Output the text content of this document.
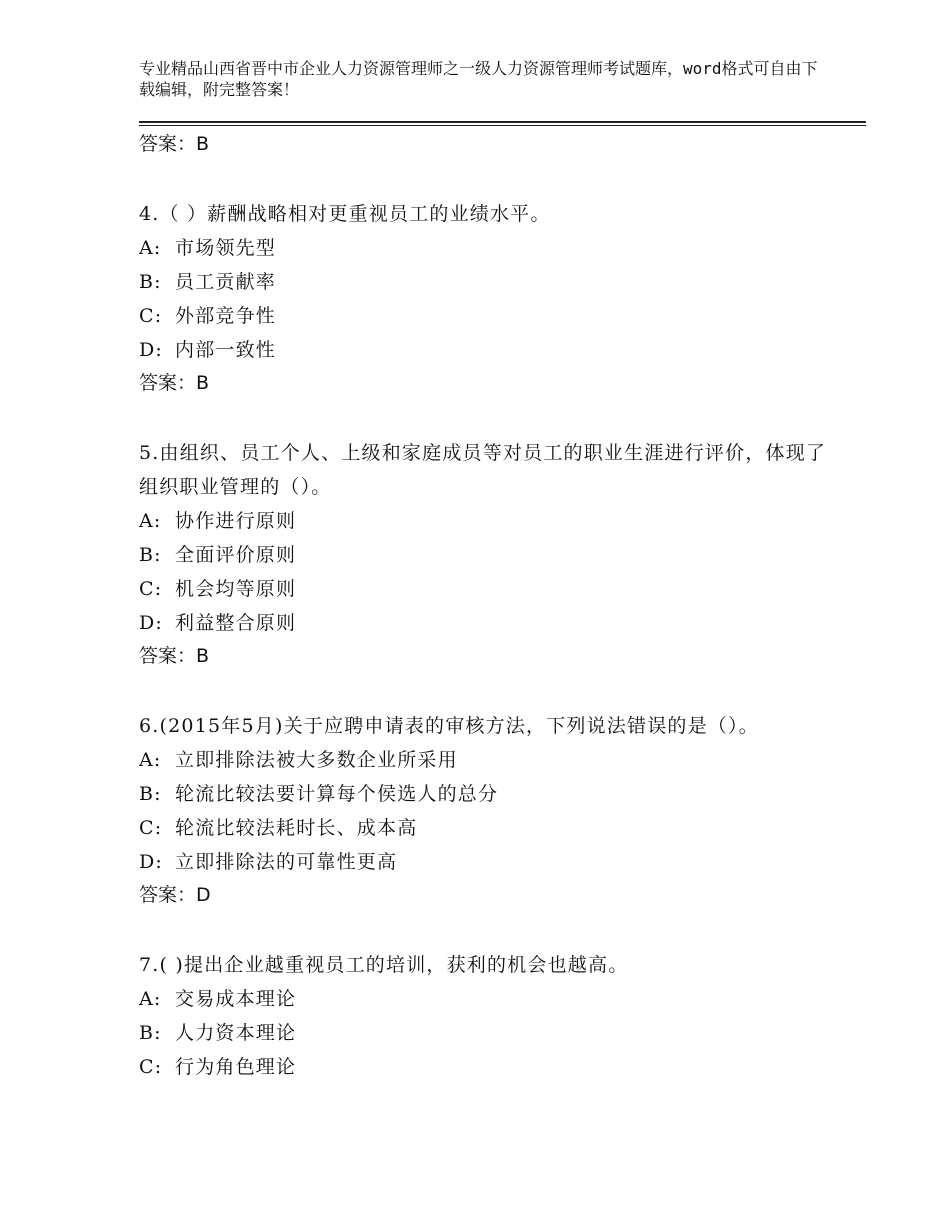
专业精品山西省晋中市企业人力资源管理师之一级人力资源管理师考试题库，word格式可自由下载编辑，附完整答案！

答案：B

4.（ ）薪酬战略相对更重视员工的业绩水平。

A: 市场领先型

B: 员工贡献率

C: 外部竞争性

D: 内部一致性

答案：B

5.由组织、员工个人、上级和家庭成员等对员工的职业生涯进行评价，体现了组织职业管理的（）。

A: 协作进行原则

B: 全面评价原则

C: 机会均等原则

D: 利益整合原则

答案：B

6.(2015年5月)关于应聘申请表的审核方法，下列说法错误的是（）。

A: 立即排除法被大多数企业所采用

B: 轮流比较法要计算每个侯选人的总分

C: 轮流比较法耗时长、成本高

D: 立即排除法的可靠性更高

答案：D

7.( )提出企业越重视员工的培训，获利的机会也越高。

A: 交易成本理论

B: 人力资本理论

C: 行为角色理论
